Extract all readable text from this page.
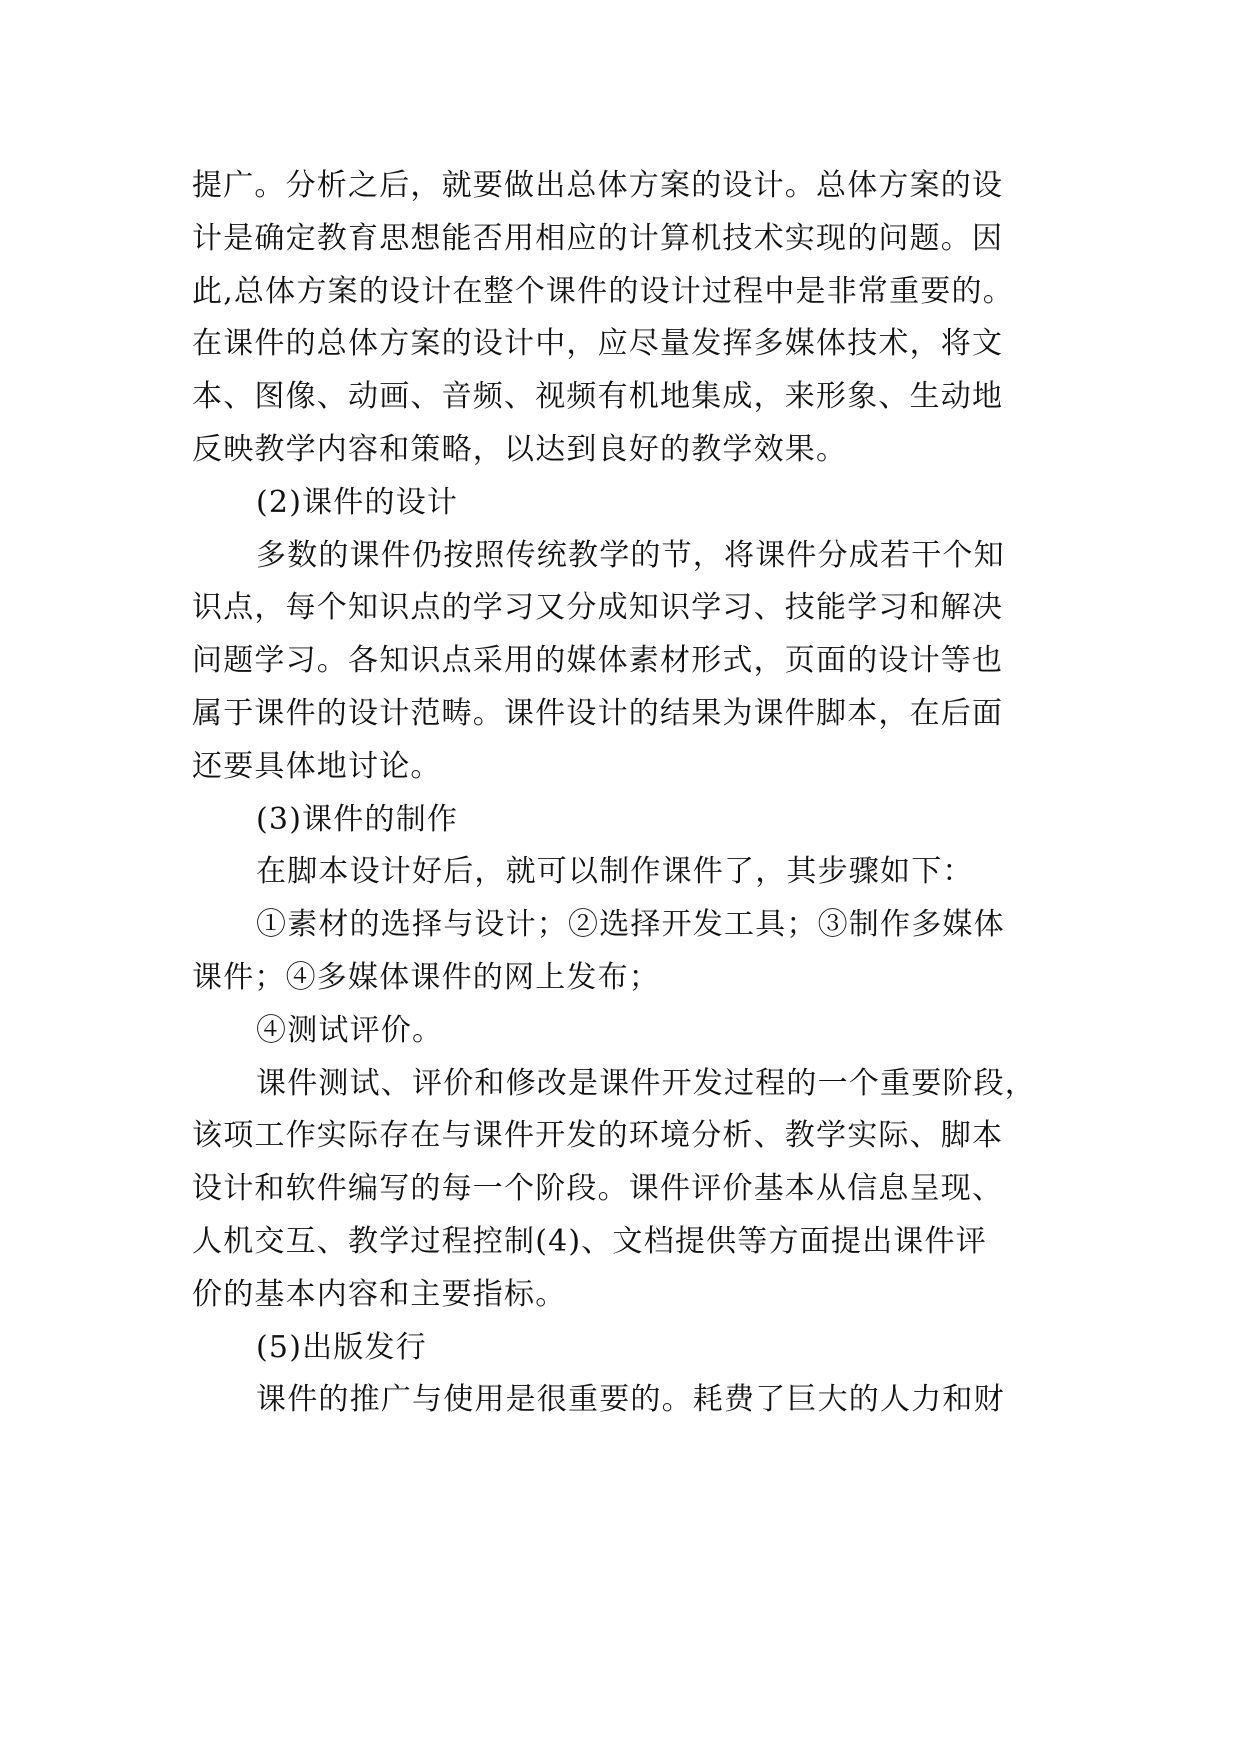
提广。分析之后，就要做出总体方案的设计。总体方案的设
计是确定教育思想能否用相应的计算机技术实现的问题。因
此,总体方案的设计在整个课件的设计过程中是非常重要的。
在课件的总体方案的设计中，应尽量发挥多媒体技术，将文
本、图像、动画、音频、视频有机地集成，来形象、生动地
反映教学内容和策略，以达到良好的教学效果。
(2)课件的设计
多数的课件仍按照传统教学的节，将课件分成若干个知
识点，每个知识点的学习又分成知识学习、技能学习和解决
问题学习。各知识点采用的媒体素材形式，页面的设计等也
属于课件的设计范畴。课件设计的结果为课件脚本，在后面
还要具体地讨论。
(3)课件的制作
在脚本设计好后，就可以制作课件了，其步骤如下：
①素材的选择与设计；②选择开发工具；③制作多媒体
课件；④多媒体课件的网上发布；
④测试评价。
课件测试、评价和修改是课件开发过程的一个重要阶段，
该项工作实际存在与课件开发的环境分析、教学实际、脚本
设计和软件编写的每一个阶段。课件评价基本从信息呈现、
人机交互、教学过程控制(4)、文档提供等方面提出课件评
价的基本内容和主要指标。
(5)出版发行
课件的推广与使用是很重要的。耗费了巨大的人力和财
